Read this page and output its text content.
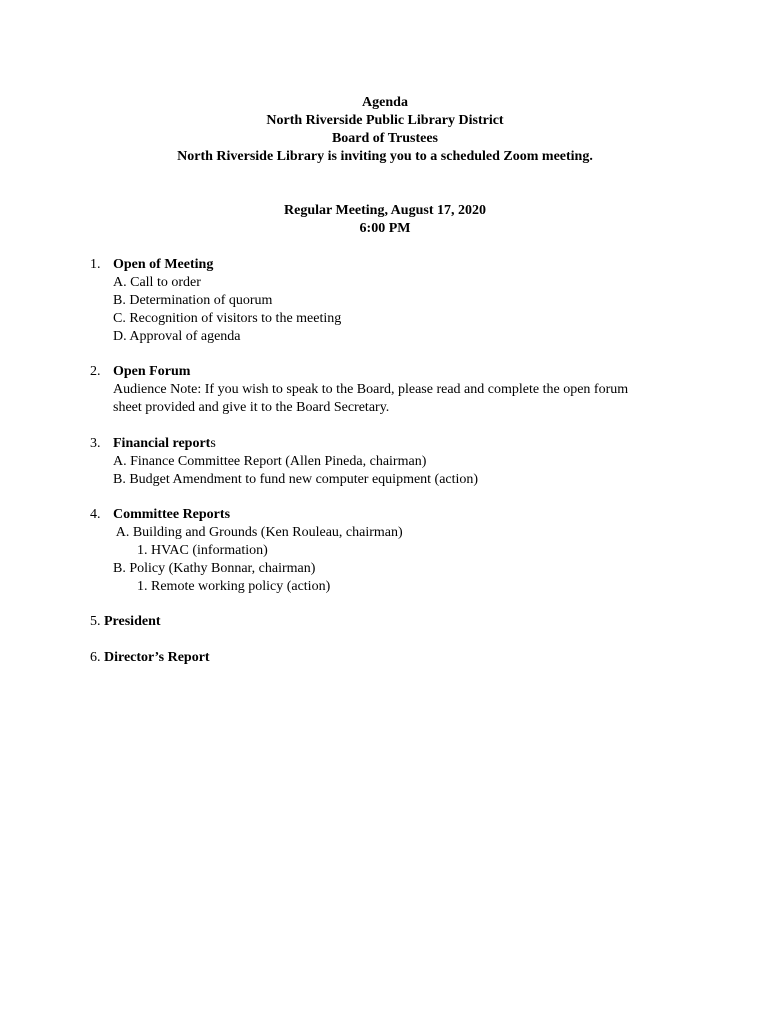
Agenda
North Riverside Public Library District
Board of Trustees
North Riverside Library is inviting you to a scheduled Zoom meeting.
Regular Meeting, August 17, 2020
6:00 PM
1. Open of Meeting
A. Call to order
B. Determination of quorum
C. Recognition of visitors to the meeting
D. Approval of agenda
2. Open Forum
Audience Note: If you wish to speak to the Board, please read and complete the open forum
sheet provided and give it to the Board Secretary.
3. Financial reports
A. Finance Committee Report (Allen Pineda, chairman)
B. Budget Amendment to fund new computer equipment (action)
4. Committee Reports
A. Building and Grounds (Ken Rouleau, chairman)
1. HVAC (information)
B. Policy (Kathy Bonnar, chairman)
1. Remote working policy (action)
5. President
6. Director’s Report
